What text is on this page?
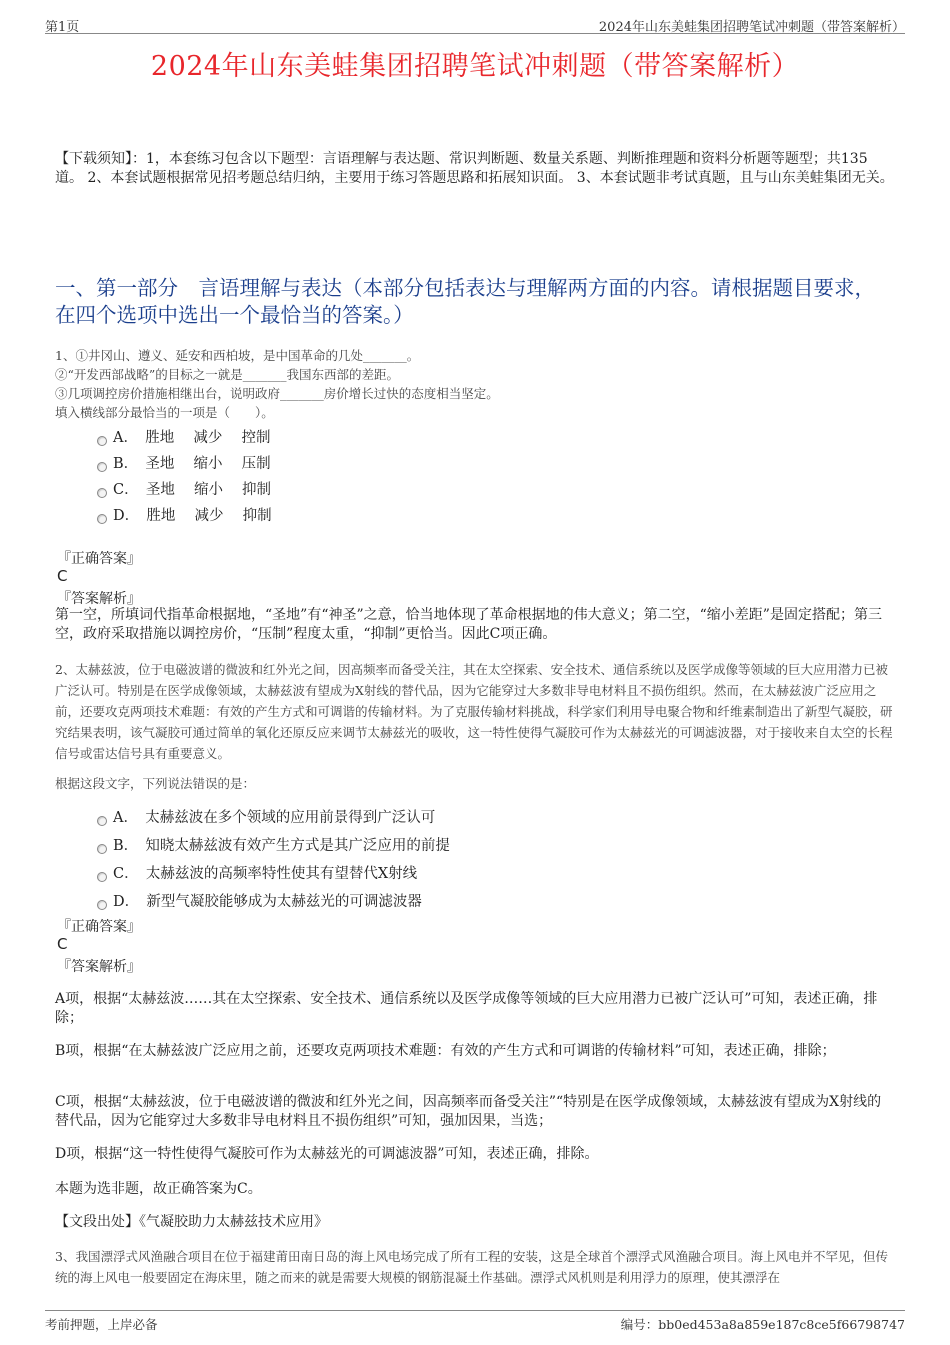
第1页	2024年山东美蛙集团招聘笔试冲刺题（带答案解析）
2024年山东美蛙集团招聘笔试冲刺题（带答案解析）

【下载须知】：1，本套练习包含以下题型：言语理解与表达题、常识判断题、数量关系题、判断推理题和资料分析题等题型；共135道。 2、本套试题根据常见招考题总结归纳，主要用于练习答题思路和拓展知识面。 3、本套试题非考试真题，且与山东美蛙集团无关。

一、第一部分　言语理解与表达（本部分包括表达与理解两方面的内容。请根据题目要求，在四个选项中选出一个最恰当的答案。）
1、①井冈山、遵义、延安和西柏坡，是中国革命的几处_______。
②“开发西部战略”的目标之一就是_______我国东西部的差距。
③几项调控房价措施相继出台，说明政府_______房价增长过快的态度相当坚定。
填入横线部分最恰当的一项是（　　）。
A．　胜地　 减少　 控制
B．　圣地　 缩小　 压制
C．　圣地　 缩小　 抑制
D．　胜地　 减少　 抑制
『正确答案』
C
『答案解析』

第一空，所填词代指革命根据地，“圣地”有“神圣”之意，恰当地体现了革命根据地的伟大意义；第二空，“缩小差距”是固定搭配；第三空，政府采取措施以调控房价，“压制”程度太重，“抑制”更恰当。因此C项正确。

2、太赫兹波，位于电磁波谱的微波和红外光之间，因高频率而备受关注，其在太空探索、安全技术、通信系统以及医学成像等领域的巨大应用潜力已被广泛认可。特别是在医学成像领域，太赫兹波有望成为X射线的替代品，因为它能穿过大多数非导电材料且不损伤组织。然而，在太赫兹波广泛应用之前，还要攻克两项技术难题：有效的产生方式和可调谐的传输材料。为了克服传输材料挑战，科学家们利用导电聚合物和纤维素制造出了新型气凝胶，研究结果表明，该气凝胶可通过简单的氧化还原反应来调节太赫兹光的吸收，这一特性使得气凝胶可作为太赫兹光的可调滤波器，对于接收来自太空的长程信号或雷达信号具有重要意义。

根据这段文字，下列说法错误的是：
A．　太赫兹波在多个领域的应用前景得到广泛认可
B．　知晓太赫兹波有效产生方式是其广泛应用的前提
C．　太赫兹波的高频率特性使其有望替代X射线
D．　新型气凝胶能够成为太赫兹光的可调滤波器
『正确答案』
C
『答案解析』

A项，根据“太赫兹波……其在太空探索、安全技术、通信系统以及医学成像等领域的巨大应用潜力已被广泛认可”可知，表述正确，排除；

B项，根据“在太赫兹波广泛应用之前，还要攻克两项技术难题：有效的产生方式和可调谐的传输材料”可知，表述正确，排除；

C项，根据“太赫兹波，位于电磁波谱的微波和红外光之间，因高频率而备受关注”“特别是在医学成像领域，太赫兹波有望成为X射线的替代品，因为它能穿过大多数非导电材料且不损伤组织”可知，强加因果，当选；

D项，根据“这一特性使得气凝胶可作为太赫兹光的可调滤波器”可知，表述正确，排除。

本题为选非题，故正确答案为C。

【文段出处】《气凝胶助力太赫兹技术应用》

3、我国漂浮式风渔融合项目在位于福建莆田南日岛的海上风电场完成了所有工程的安装，这是全球首个漂浮式风渔融合项目。海上风电并不罕见，但传统的海上风电一般要固定在海床里，随之而来的就是需要大规模的钢筋混凝土作基础。漂浮式风机则是利用浮力的原理，使其漂浮在

考前押题，上岸必备	编号：bb0ed453a8a859e187c8ce5f66798747
